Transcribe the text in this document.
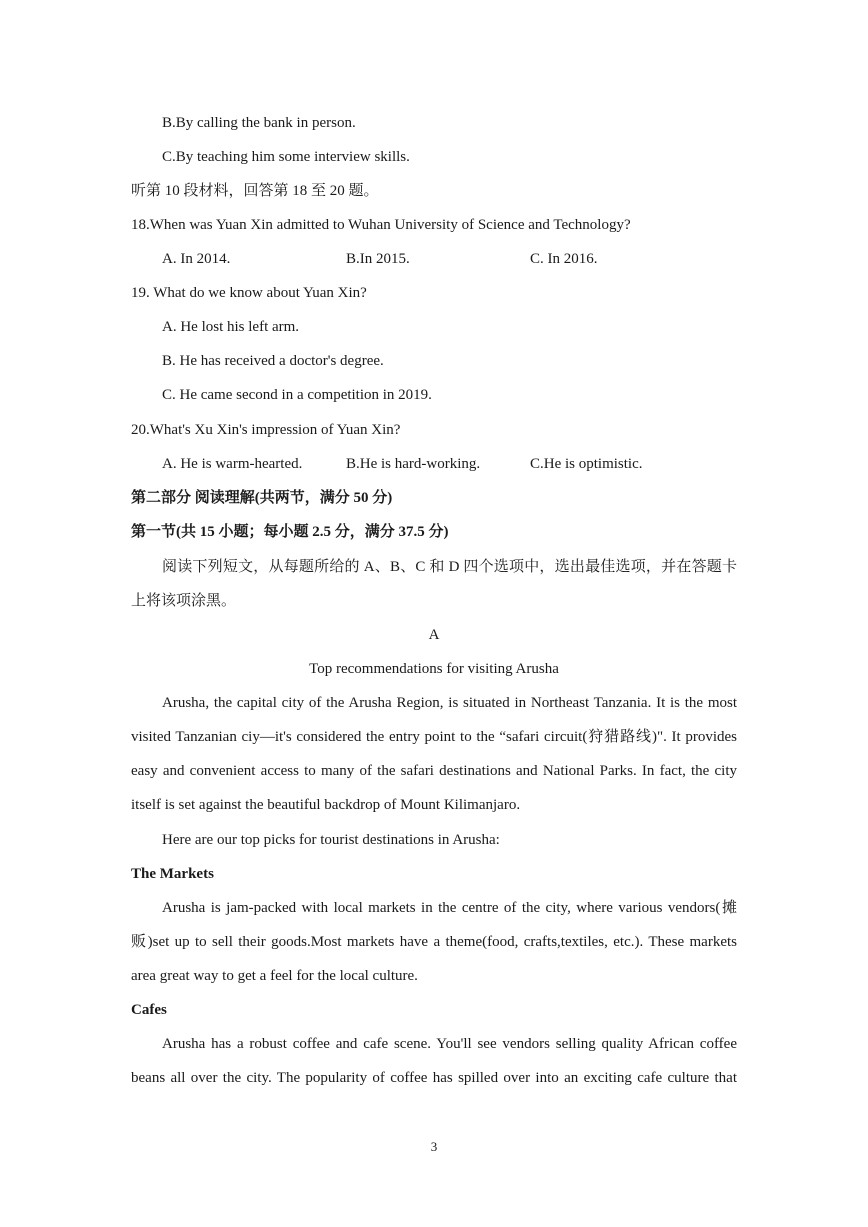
B.By calling the bank in person.
C.By teaching him some interview skills.
听第 10 段材料，回答第 18 至 20 题。
18.When was Yuan Xin admitted to Wuhan University of Science and Technology?
A. In 2014.	B.In 2015.	C. In 2016.
19. What do we know about Yuan Xin?
A. He lost his left arm.
B. He has received a doctor's degree.
C. He came second in a competition in 2019.
20.What's Xu Xin's impression of Yuan Xin?
A. He is warm-hearted.	B.He is hard-working.	C.He is optimistic.
第二部分 阅读理解(共两节，满分 50 分)
第一节(共 15 小题；每小题 2.5 分，满分 37.5 分)
阅读下列短文，从每题所给的 A、B、C 和 D 四个选项中，选出最佳选项，并在答题卡
上将该项涂黑。
A
Top recommendations for visiting Arusha
Arusha, the capital city of the Arusha Region, is situated in Northeast Tanzania. It is the most
visited Tanzanian ciy—it's considered the entry point to the “safari circuit(狩猎路线)". It provides
easy and convenient access to many of the safari destinations and National Parks. In fact, the city
itself is set against the beautiful backdrop of Mount Kilimanjaro.
Here are our top picks for tourist destinations in Arusha:
The Markets
Arusha is jam-packed with local markets in the centre of the city, where various vendors(摊
贩)set up to sell their goods.Most markets have a theme(food, crafts,textiles, etc.). These markets
area great way to get a feel for the local culture.
Cafes
Arusha has a robust coffee and cafe scene. You'll see vendors selling quality African coffee
beans all over the city. The popularity of coffee has spilled over into an exciting cafe culture that
3
